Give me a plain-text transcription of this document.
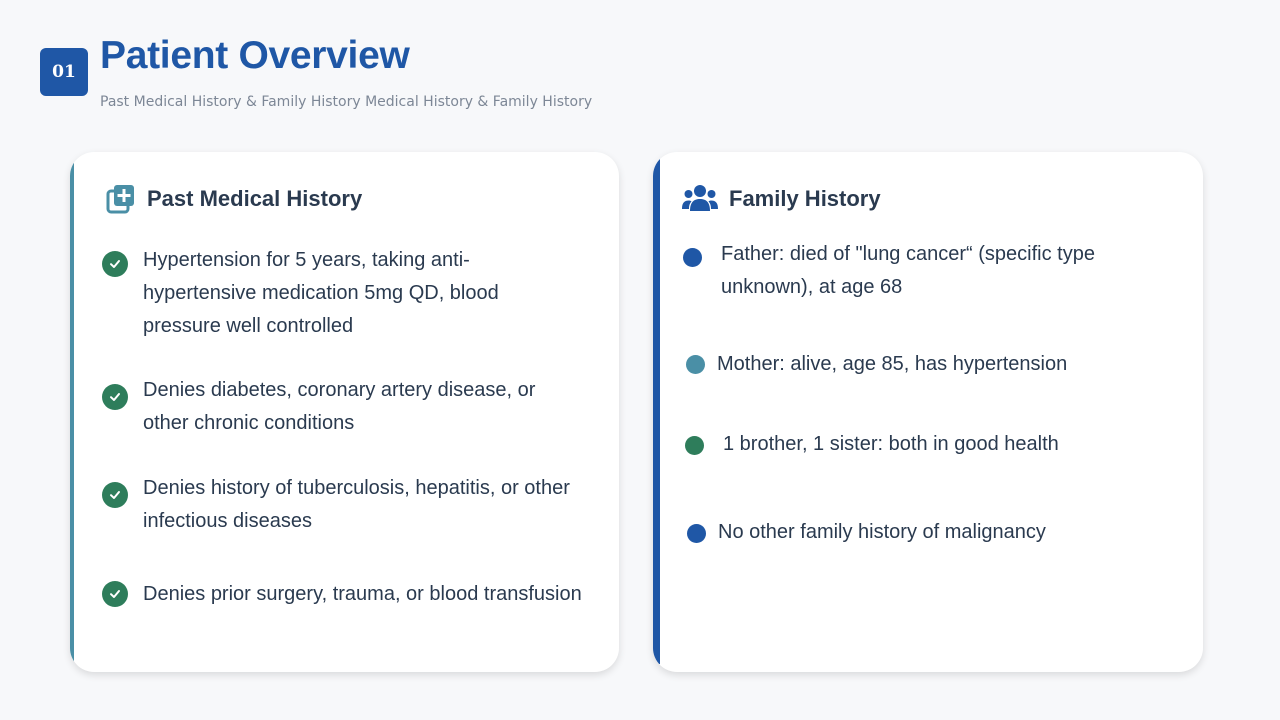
01 Patient Overview
Past Medical History & Family History Medical History & Family History
Past Medical History
Hypertension for 5 years, taking anti-hypertensive medication 5mg QD, blood pressure well controlled
Denies diabetes, coronary artery disease, or other chronic conditions
Denies history of tuberculosis, hepatitis, or other infectious diseases
Denies prior surgery, trauma, or blood transfusion
Family History
Father: died of "lung cancer“ (specific type unknown), at age 68
Mother: alive, age 85, has hypertension
1 brother, 1 sister: both in good health
No other family history of malignancy
